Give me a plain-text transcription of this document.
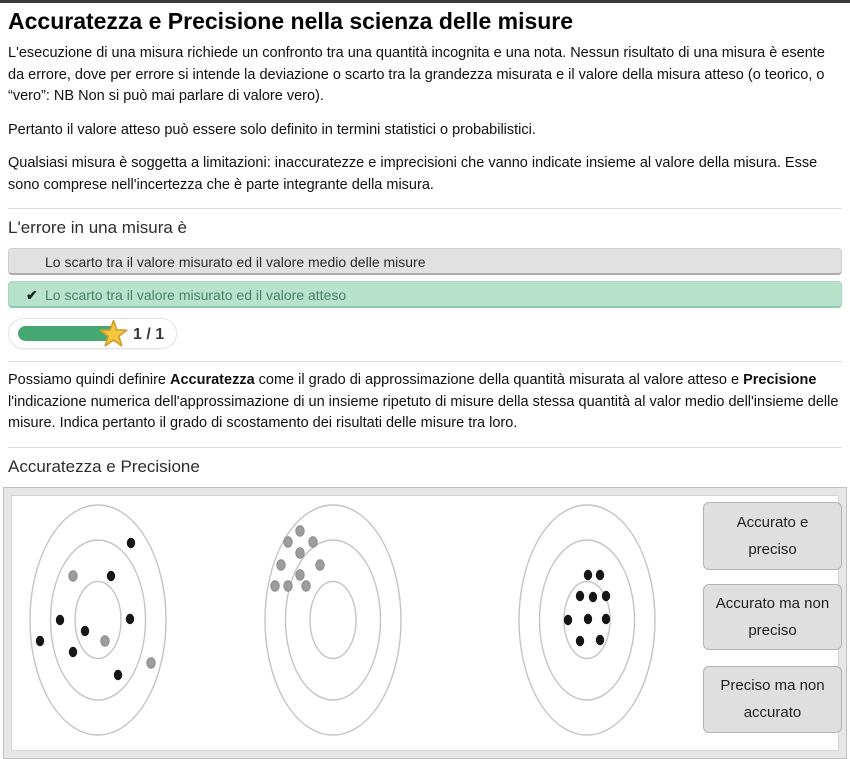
Accuratezza e Precisione nella scienza delle misure

L'esecuzione di una misura richiede un confronto tra una quantità incognita e una nota. Nessun risultato di una misura è esente da errore, dove per errore si intende la deviazione o scarto tra la grandezza misurata e il valore della misura atteso (o teorico, o “vero”: NB Non si può mai parlare di valore vero).

Pertanto il valore atteso può essere solo definito in termini statistici o probabilistici.

Qualsiasi misura è soggetta a limitazioni: inaccuratezze e imprecisioni che vanno indicate insieme al valore della misura. Esse sono comprese nell'incertezza che è parte integrante della misura.

L'errore in una misura è
Lo scarto tra il valore misurato ed il valore medio delle misure
✔ Lo scarto tra il valore misurato ed il valore atteso
1 / 1

Possiamo quindi definire Accuratezza come il grado di approssimazione della quantità misurata al valore atteso e Precisione l'indicazione numerica dell'approssimazione di un insieme ripetuto di misure della stessa quantità al valor medio dell'insieme delle misure. Indica pertanto il grado di scostamento dei risultati delle misure tra loro.

Accuratezza e Precisione
Accurato e preciso
Accurato ma non preciso
Preciso ma non accurato
